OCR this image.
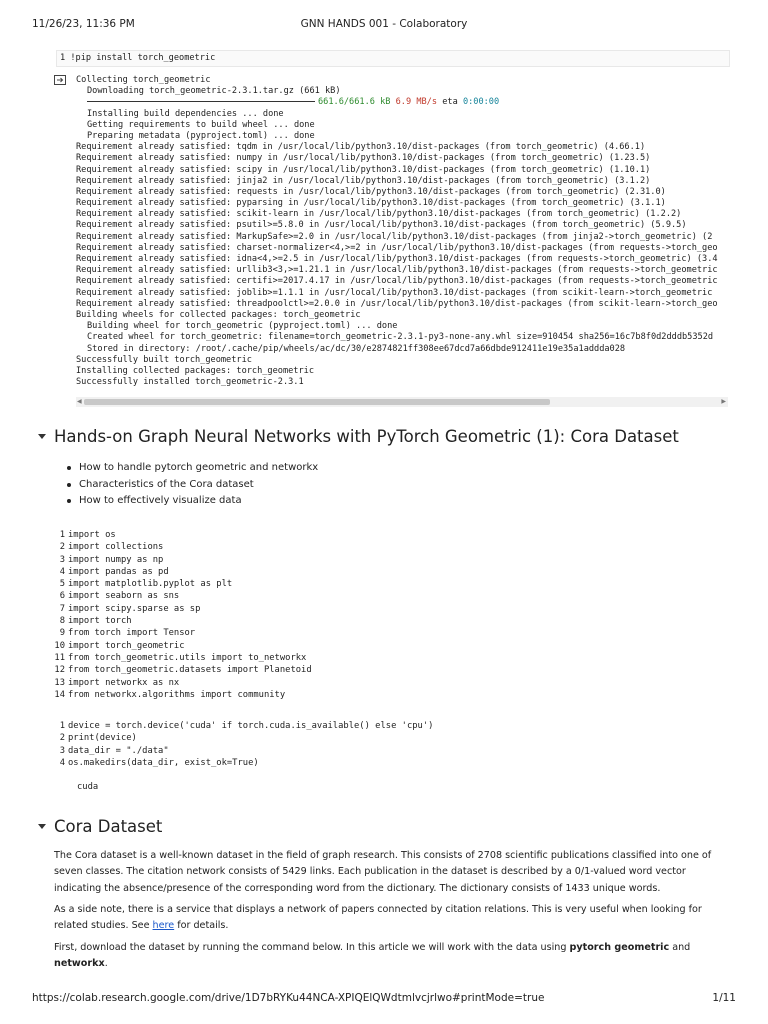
11/26/23, 11:36 PM	GNN HANDS 001 - Colaboratory
1 !pip install torch_geometric
Collecting torch_geometric
Downloading torch_geometric-2.3.1.tar.gz (661 kB)
661.6/661.6 kB 6.9 MB/s eta 0:00:00
Installing build dependencies ... done
Getting requirements to build wheel ... done
Preparing metadata (pyproject.toml) ... done
Requirement already satisfied: tqdm in /usr/local/lib/python3.10/dist-packages (from torch_geometric) (4.66.1)
Requirement already satisfied: numpy in /usr/local/lib/python3.10/dist-packages (from torch_geometric) (1.23.5)
Requirement already satisfied: scipy in /usr/local/lib/python3.10/dist-packages (from torch_geometric) (1.10.1)
Requirement already satisfied: jinja2 in /usr/local/lib/python3.10/dist-packages (from torch_geometric) (3.1.2)
Requirement already satisfied: requests in /usr/local/lib/python3.10/dist-packages (from torch_geometric) (2.31.0)
Requirement already satisfied: pyparsing in /usr/local/lib/python3.10/dist-packages (from torch_geometric) (3.1.1)
Requirement already satisfied: scikit-learn in /usr/local/lib/python3.10/dist-packages (from torch_geometric) (1.2.2)
Requirement already satisfied: psutil>=5.8.0 in /usr/local/lib/python3.10/dist-packages (from torch_geometric) (5.9.5)
Requirement already satisfied: MarkupSafe>=2.0 in /usr/local/lib/python3.10/dist-packages (from jinja2->torch_geometric) (2
Requirement already satisfied: charset-normalizer<4,>=2 in /usr/local/lib/python3.10/dist-packages (from requests->torch_geo
Requirement already satisfied: idna<4,>=2.5 in /usr/local/lib/python3.10/dist-packages (from requests->torch_geometric) (3.4
Requirement already satisfied: urllib3<3,>=1.21.1 in /usr/local/lib/python3.10/dist-packages (from requests->torch_geometric
Requirement already satisfied: certifi>=2017.4.17 in /usr/local/lib/python3.10/dist-packages (from requests->torch_geometric
Requirement already satisfied: joblib>=1.1.1 in /usr/local/lib/python3.10/dist-packages (from scikit-learn->torch_geometric
Requirement already satisfied: threadpoolctl>=2.0.0 in /usr/local/lib/python3.10/dist-packages (from scikit-learn->torch_geo
Building wheels for collected packages: torch_geometric
Building wheel for torch_geometric (pyproject.toml) ... done
Created wheel for torch_geometric: filename=torch_geometric-2.3.1-py3-none-any.whl size=910454 sha256=16c7b8f0d2dddb5352d
Stored in directory: /root/.cache/pip/wheels/ac/dc/30/e2874821ff308ee67dcd7a66dbde912411e19e35a1addda028
Successfully built torch_geometric
Installing collected packages: torch_geometric
Successfully installed torch_geometric-2.3.1
◀	▶
Hands-on Graph Neural Networks with PyTorch Geometric (1): Cora Dataset
How to handle pytorch geometric and networkx
Characteristics of the Cora dataset
How to effectively visualize data
1 import os
2 import collections
3 import numpy as np
4 import pandas as pd
5 import matplotlib.pyplot as plt
6 import seaborn as sns
7 import scipy.sparse as sp
8 import torch
9 from torch import Tensor
10 import torch_geometric
11 from torch_geometric.utils import to_networkx
12 from torch_geometric.datasets import Planetoid
13 import networkx as nx
14 from networkx.algorithms import community
1 device = torch.device('cuda' if torch.cuda.is_available() else 'cpu')
2 print(device)
3 data_dir = "./data"
4 os.makedirs(data_dir, exist_ok=True)
cuda
Cora Dataset
The Cora dataset is a well-known dataset in the field of graph research. This consists of 2708 scientific publications classified into one of seven classes. The citation network consists of 5429 links. Each publication in the dataset is described by a 0/1-valued word vector indicating the absence/presence of the corresponding word from the dictionary. The dictionary consists of 1433 unique words.
As a side note, there is a service that displays a network of papers connected by citation relations. This is very useful when looking for related studies. See here for details.
First, download the dataset by running the command below. In this article we will work with the data using pytorch geometric and networkx.
https://colab.research.google.com/drive/1D7bRYKu44NCA-XPIQElQWdtmlvcjrlwo#printMode=true	1/11
